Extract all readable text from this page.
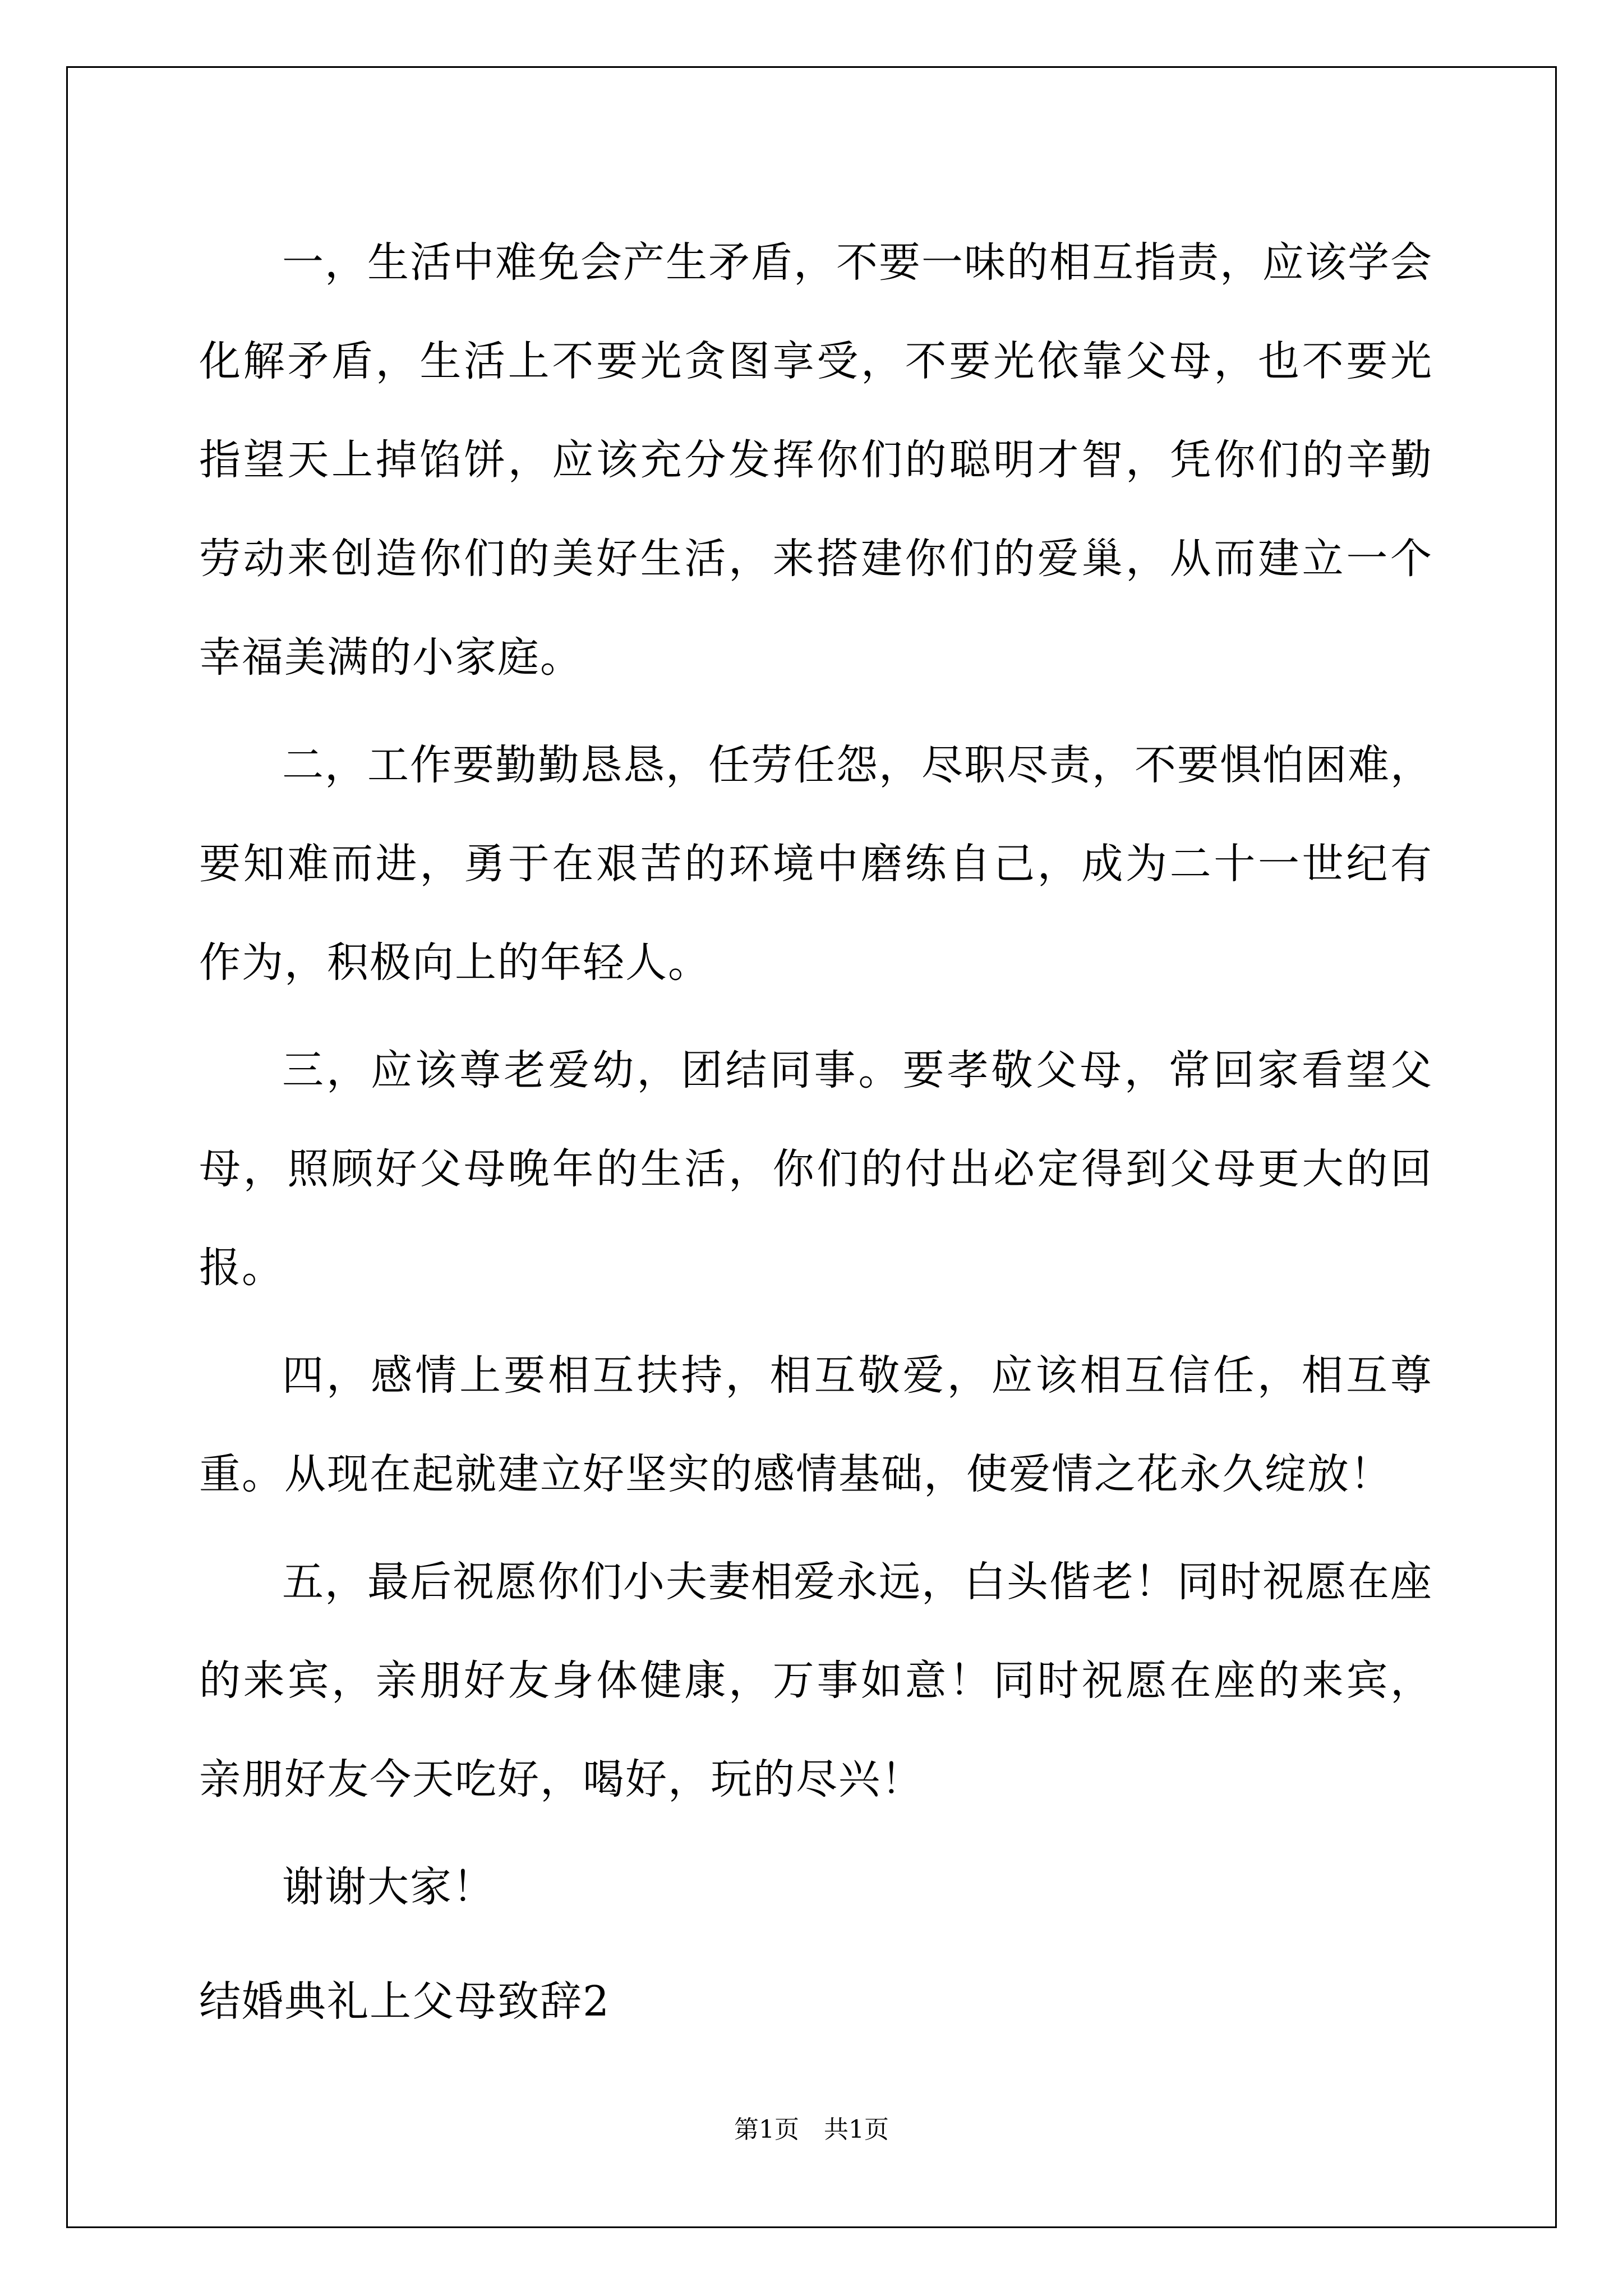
一，生活中难免会产生矛盾，不要一味的相互指责，应该学会化解矛盾，生活上不要光贪图享受，不要光依靠父母，也不要光指望天上掉馅饼，应该充分发挥你们的聪明才智，凭你们的辛勤劳动来创造你们的美好生活，来搭建你们的爱巢，从而建立一个幸福美满的小家庭。

二，工作要勤勤恳恳，任劳任怨，尽职尽责，不要惧怕困难，要知难而进，勇于在艰苦的环境中磨练自己，成为二十一世纪有作为，积极向上的年轻人。

三，应该尊老爱幼，团结同事。要孝敬父母，常回家看望父母，照顾好父母晚年的生活，你们的付出必定得到父母更大的回报。

四，感情上要相互扶持，相互敬爱，应该相互信任，相互尊重。从现在起就建立好坚实的感情基础，使爱情之花永久绽放！

五，最后祝愿你们小夫妻相爱永远，白头偕老！同时祝愿在座的来宾，亲朋好友身体健康，万事如意！同时祝愿在座的来宾，亲朋好友今天吃好，喝好，玩的尽兴！

谢谢大家！

结婚典礼上父母致辞2

第1页　共1页
